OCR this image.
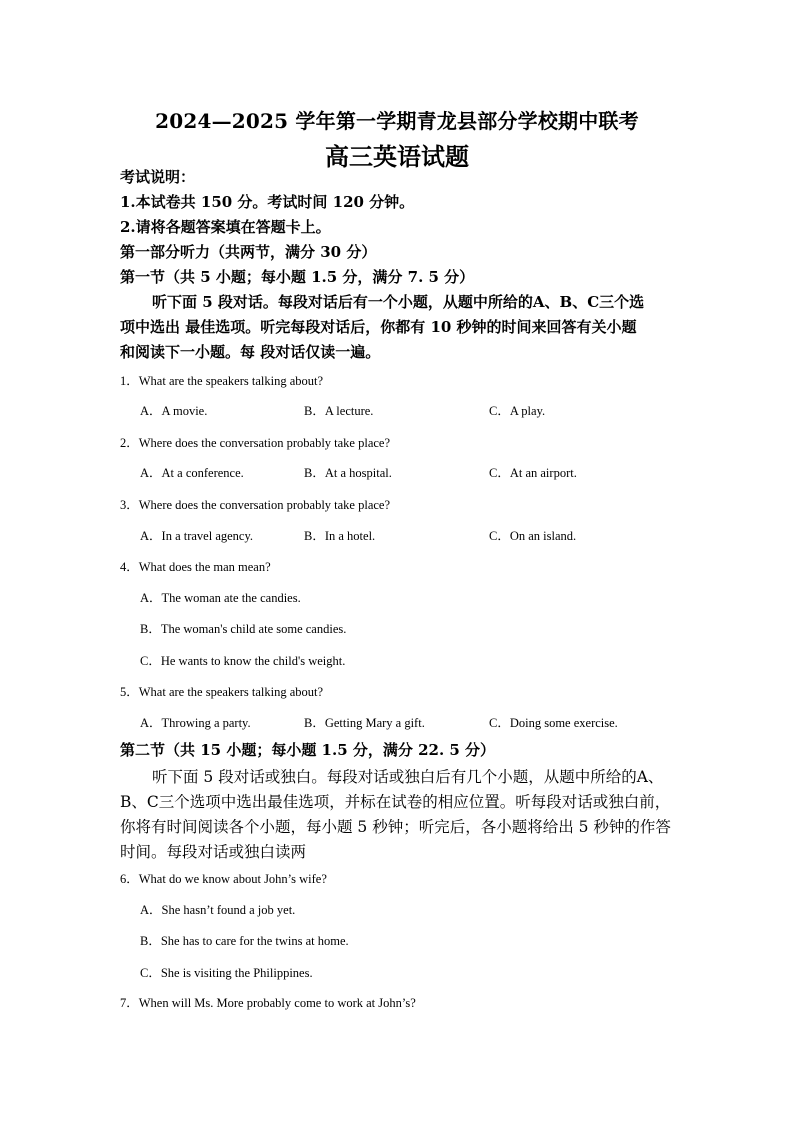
2024—2025 学年第一学期青龙县部分学校期中联考
高三英语试题
考试说明：
1.本试卷共 150 分。考试时间 120 分钟。
2.请将各题答案填在答题卡上。
第一部分听力（共两节，满分 30 分）
第一节（共 5 小题；每小题 1.5 分，满分 7. 5 分）
听下面 5 段对话。每段对话后有一个小题，从题中所给的A、B、C三个选
项中选出 最佳选项。听完每段对话后，你都有 10 秒钟的时间来回答有关小题
和阅读下一小题。每 段对话仅读一遍。
1．What are the speakers talking about?
A．A movie.	B．A lecture.	C．A play.
2．Where does the conversation probably take place?
A．At a conference.	B．At a hospital.	C．At an airport.
3．Where does the conversation probably take place?
A．In a travel agency.	B．In a hotel.	C．On an island.
4．What does the man mean?
A．The woman ate the candies.
B．The woman's child ate some candies.
C．He wants to know the child's weight.
5．What are the speakers talking about?
A．Throwing a party.	B．Getting Mary a gift.	C．Doing some exercise.
第二节（共 15 小题；每小题 1.5 分，满分 22. 5 分）
听下面 5 段对话或独白。每段对话或独白后有几个小题，从题中所给的A、
B、C三个选项中选出最佳选项，并标在试卷的相应位置。听每段对话或独白前，
你将有时间阅读各个小题，每小题 5 秒钟；听完后，各小题将给出 5 秒钟的作答
时间。每段对话或独白读两
6．What do we know about John’s wife?
A．She hasn’t found a job yet.
B．She has to care for the twins at home.
C．She is visiting the Philippines.
7．When will Ms. More probably come to work at John’s?
